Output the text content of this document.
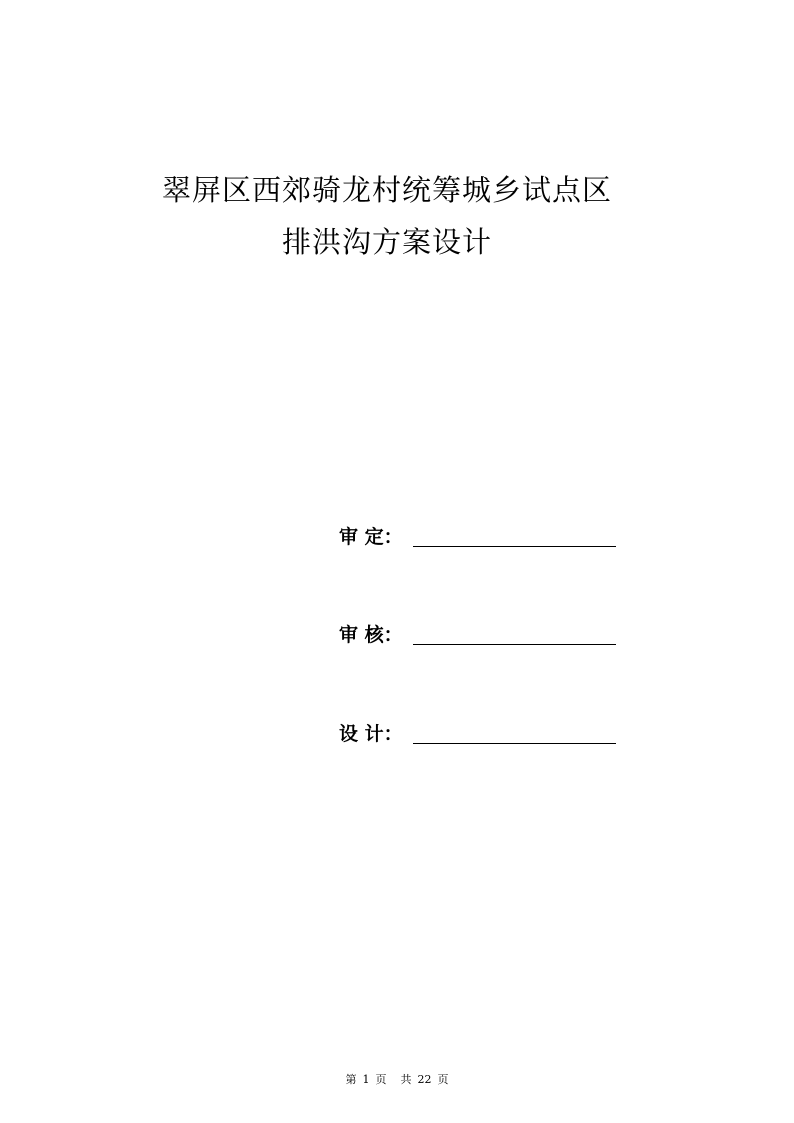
翠屏区西郊骑龙村统筹城乡试点区
排洪沟方案设计
审 定：
审 核：
设 计：
第 1 页 共 22 页
